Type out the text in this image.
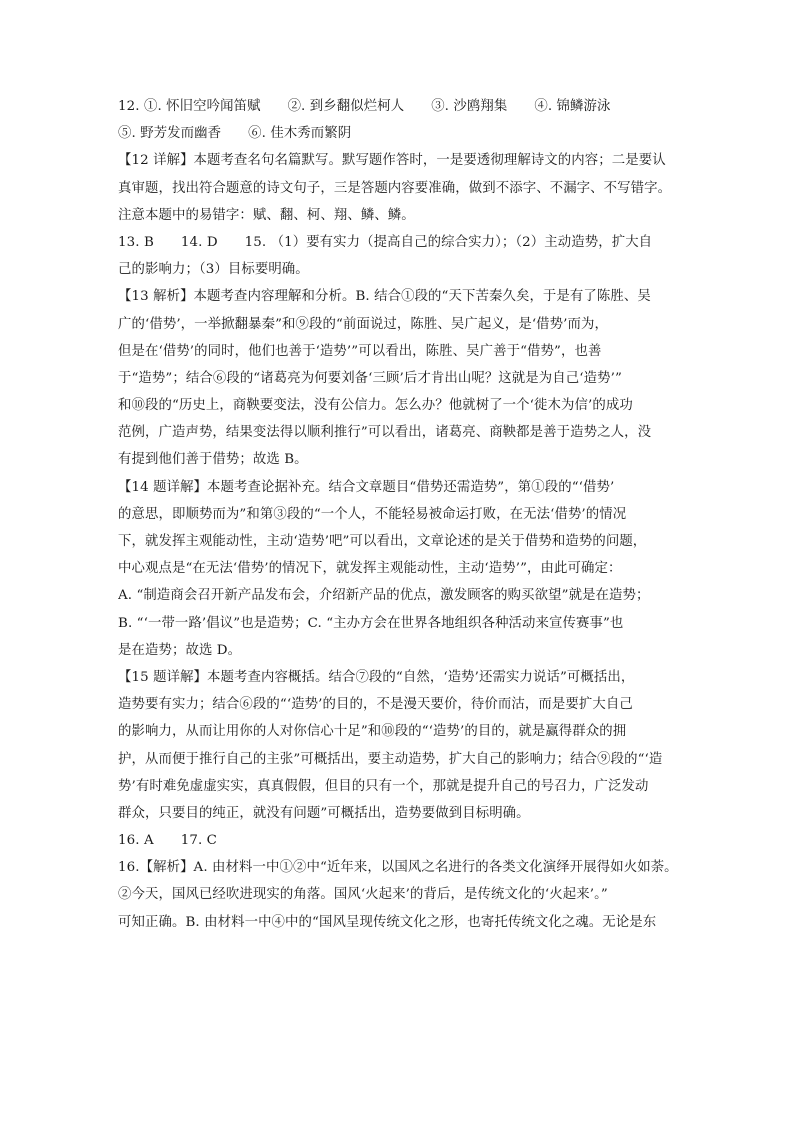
12. ①. 怀旧空吟闻笛赋　　②. 到乡翻似烂柯人　　③. 沙鸥翔集　　④. 锦鳞游泳
⑤. 野芳发而幽香　　⑥. 佳木秀而繁阴
【12 详解】本题考查名句名篇默写。默写题作答时，一是要透彻理解诗文的内容；二是要认
真审题，找出符合题意的诗文句子，三是答题内容要准确，做到不添字、不漏字、不写错字。
注意本题中的易错字：赋、翻、柯、翔、鳞、鳞。
13. B　　14. D　　15. （1）要有实力（提高自己的综合实力）；（2）主动造势，扩大自
己的影响力；（3）目标要明确。
【13 解析】本题考查内容理解和分析。B. 结合①段的“天下苦秦久矣，于是有了陈胜、吴
广的‘借势’，一举掀翻暴秦”和⑨段的“前面说过，陈胜、吴广起义，是‘借势’而为，
但是在‘借势’的同时，他们也善于‘造势’”可以看出，陈胜、吴广善于“借势”，也善
于“造势”；结合⑥段的“诸葛亮为何要刘备‘三顾’后才肯出山呢？这就是为自己‘造势’”
和⑩段的“历史上，商鞅要变法，没有公信力。怎么办？他就树了一个‘徙木为信’的成功
范例，广造声势，结果变法得以顺利推行”可以看出，诸葛亮、商鞅都是善于造势之人，没
有提到他们善于借势；故选 B。
【14 题详解】本题考查论据补充。结合文章题目“借势还需造势”，第①段的“‘借势’
的意思，即顺势而为”和第③段的“一个人，不能轻易被命运打败，在无法‘借势’的情况
下，就发挥主观能动性，主动‘造势’吧”可以看出，文章论述的是关于借势和造势的问题，
中心观点是“在无法‘借势’的情况下，就发挥主观能动性，主动‘造势’”，由此可确定：
A. “制造商会召开新产品发布会，介绍新产品的优点，激发顾客的购买欲望”就是在造势；
B. “‘一带一路’倡议”也是造势；C. “主办方会在世界各地组织各种活动来宣传赛事”也
是在造势；故选 D。
【15 题详解】本题考查内容概括。结合⑦段的“自然，‘造势’还需实力说话”可概括出，
造势要有实力；结合⑥段的“‘造势’的目的，不是漫天要价，待价而沽，而是要扩大自己
的影响力，从而让用你的人对你信心十足”和⑩段的“‘造势’的目的，就是赢得群众的拥
护，从而便于推行自己的主张”可概括出，要主动造势，扩大自己的影响力；结合⑨段的“‘造
势’有时难免虚虚实实，真真假假，但目的只有一个，那就是提升自己的号召力，广泛发动
群众，只要目的纯正，就没有问题”可概括出，造势要做到目标明确。
16. A　　17. C
16.【解析】A. 由材料一中①②中“近年来，以国风之名进行的各类文化演绎开展得如火如荼。
②今天，国风已经吹进现实的角落。国风‘火起来’的背后，是传统文化的‘火起来’。”
可知正确。B. 由材料一中④中的“国风呈现传统文化之形，也寄托传统文化之魂。无论是东
